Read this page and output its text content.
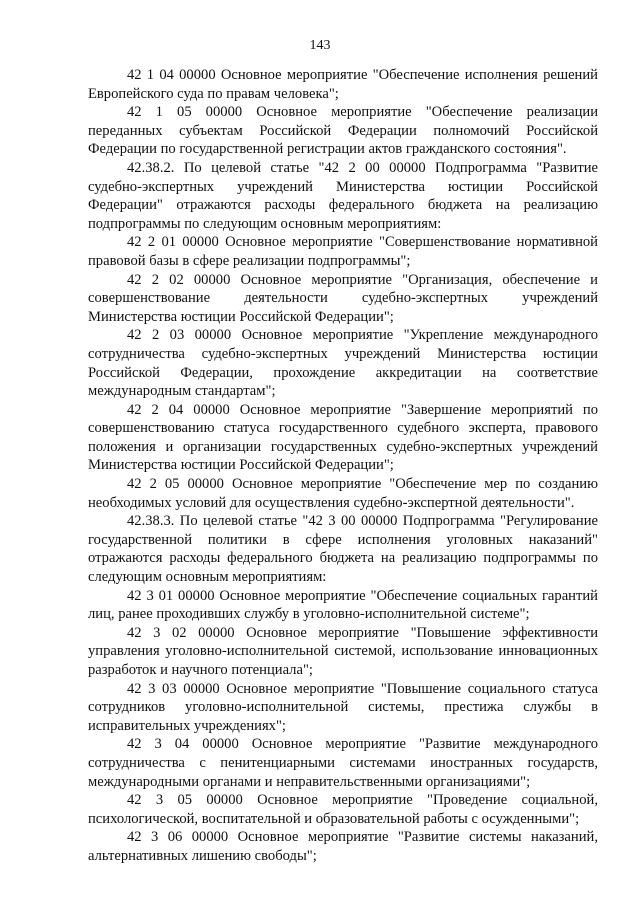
143

42 1 04 00000 Основное мероприятие "Обеспечение исполнения решений Европейского суда по правам человека";

42 1 05 00000 Основное мероприятие "Обеспечение реализации переданных субъектам Российской Федерации полномочий Российской Федерации по государственной регистрации актов гражданского состояния".

42.38.2. По целевой статье "42 2 00 00000 Подпрограмма "Развитие судебно-экспертных учреждений Министерства юстиции Российской Федерации" отражаются расходы федерального бюджета на реализацию подпрограммы по следующим основным мероприятиям:

42 2 01 00000 Основное мероприятие "Совершенствование нормативной правовой базы в сфере реализации подпрограммы";

42 2 02 00000 Основное мероприятие "Организация, обеспечение и совершенствование деятельности судебно-экспертных учреждений Министерства юстиции Российской Федерации";

42 2 03 00000 Основное мероприятие "Укрепление международного сотрудничества судебно-экспертных учреждений Министерства юстиции Российской Федерации, прохождение аккредитации на соответствие международным стандартам";

42 2 04 00000 Основное мероприятие "Завершение мероприятий по совершенствованию статуса государственного судебного эксперта, правового положения и организации государственных судебно-экспертных учреждений Министерства юстиции Российской Федерации";

42 2 05 00000 Основное мероприятие "Обеспечение мер по созданию необходимых условий для осуществления судебно-экспертной деятельности".

42.38.3. По целевой статье "42 3 00 00000 Подпрограмма "Регулирование государственной политики в сфере исполнения уголовных наказаний" отражаются расходы федерального бюджета на реализацию подпрограммы по следующим основным мероприятиям:

42 3 01 00000 Основное мероприятие "Обеспечение социальных гарантий лиц, ранее проходивших службу в уголовно-исполнительной системе";

42 3 02 00000 Основное мероприятие "Повышение эффективности управления уголовно-исполнительной системой, использование инновационных разработок и научного потенциала";

42 3 03 00000 Основное мероприятие "Повышение социального статуса сотрудников уголовно-исполнительной системы, престижа службы в исправительных учреждениях";

42 3 04 00000 Основное мероприятие "Развитие международного сотрудничества с пенитенциарными системами иностранных государств, международными органами и неправительственными организациями";

42 3 05 00000 Основное мероприятие "Проведение социальной, психологической, воспитательной и образовательной работы с осужденными";

42 3 06 00000 Основное мероприятие "Развитие системы наказаний, альтернативных лишению свободы";
